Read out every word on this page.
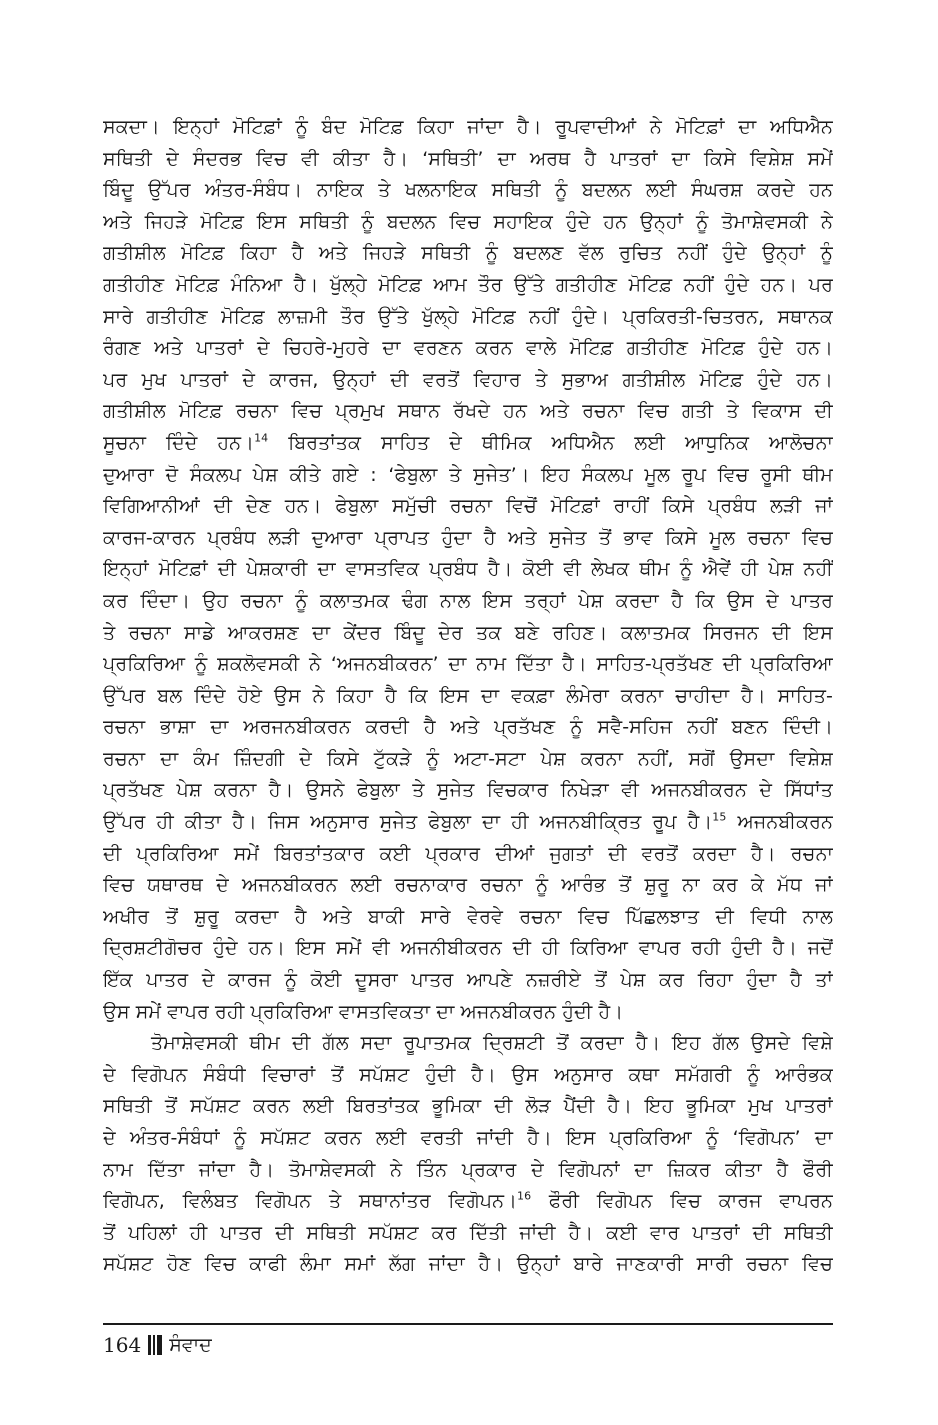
ਸਕਦਾ। ਇਨ੍ਹਾਂ ਮੋਟਿਫ਼ਾਂ ਨੂੰ ਬੰਦ ਮੋਟਿਫ਼ ਕਿਹਾ ਜਾਂਦਾ ਹੈ। ਰੂਪਵਾਦੀਆਂ ਨੇ ਮੋਟਿਫ਼ਾਂ ਦਾ ਅਧਿਐਨ
ਸਥਿਤੀ ਦੇ ਸੰਦਰਭ ਵਿਚ ਵੀ ਕੀਤਾ ਹੈ। ‘ਸਥਿਤੀ’ ਦਾ ਅਰਥ ਹੈ ਪਾਤਰਾਂ ਦਾ ਕਿਸੇ ਵਿਸ਼ੇਸ਼ ਸਮੇਂ
ਬਿੰਦੂ ਉੱਪਰ ਅੰਤਰ-ਸੰਬੰਧ। ਨਾਇਕ ਤੇ ਖਲਨਾਇਕ ਸਥਿਤੀ ਨੂੰ ਬਦਲਨ ਲਈ ਸੰਘਰਸ਼ ਕਰਦੇ ਹਨ
ਅਤੇ ਜਿਹੜੇ ਮੋਟਿਫ਼ ਇਸ ਸਥਿਤੀ ਨੂੰ ਬਦਲਨ ਵਿਚ ਸਹਾਇਕ ਹੁੰਦੇ ਹਨ ਉਨ੍ਹਾਂ ਨੂੰ ਤੋਮਾਸ਼ੇਵਸਕੀ ਨੇ
ਗਤੀਸ਼ੀਲ ਮੋਟਿਫ਼ ਕਿਹਾ ਹੈ ਅਤੇ ਜਿਹੜੇ ਸਥਿਤੀ ਨੂੰ ਬਦਲਣ ਵੱਲ ਰੁਚਿਤ ਨਹੀਂ ਹੁੰਦੇ ਉਨ੍ਹਾਂ ਨੂੰ
ਗਤੀਹੀਣ ਮੋਟਿਫ਼ ਮੰਨਿਆ ਹੈ। ਖੁੱਲ੍ਹੇ ਮੋਟਿਫ਼ ਆਮ ਤੌਰ ਉੱਤੇ ਗਤੀਹੀਣ ਮੋਟਿਫ਼ ਨਹੀਂ ਹੁੰਦੇ ਹਨ। ਪਰ
ਸਾਰੇ ਗਤੀਹੀਣ ਮੋਟਿਫ਼ ਲਾਜ਼ਮੀ ਤੌਰ ਉੱਤੇ ਖੁੱਲ੍ਹੇ ਮੋਟਿਫ਼ ਨਹੀਂ ਹੁੰਦੇ। ਪ੍ਰਕਿਰਤੀ-ਚਿਤਰਨ, ਸਥਾਨਕ
ਰੰਗਣ ਅਤੇ ਪਾਤਰਾਂ ਦੇ ਚਿਹਰੇ-ਮੁਹਰੇ ਦਾ ਵਰਣਨ ਕਰਨ ਵਾਲੇ ਮੋਟਿਫ਼ ਗਤੀਹੀਣ ਮੋਟਿਫ਼ ਹੁੰਦੇ ਹਨ।
ਪਰ ਮੁਖ ਪਾਤਰਾਂ ਦੇ ਕਾਰਜ, ਉਨ੍ਹਾਂ ਦੀ ਵਰਤੋਂ ਵਿਹਾਰ ਤੇ ਸੁਭਾਅ ਗਤੀਸ਼ੀਲ ਮੋਟਿਫ਼ ਹੁੰਦੇ ਹਨ।
ਗਤੀਸ਼ੀਲ ਮੋਟਿਫ਼ ਰਚਨਾ ਵਿਚ ਪ੍ਰਮੁਖ ਸਥਾਨ ਰੱਖਦੇ ਹਨ ਅਤੇ ਰਚਨਾ ਵਿਚ ਗਤੀ ਤੇ ਵਿਕਾਸ ਦੀ
ਸੂਚਨਾ ਦਿੰਦੇ ਹਨ।$^{14}$ ਬਿਰਤਾਂਤਕ ਸਾਹਿਤ ਦੇ ਥੀਮਿਕ ਅਧਿਐਨ ਲਈ ਆਧੁਨਿਕ ਆਲੋਚਨਾ
ਦੁਆਰਾ ਦੋ ਸੰਕਲਪ ਪੇਸ਼ ਕੀਤੇ ਗਏ : ‘ਫੇਬੁਲਾ ਤੇ ਸੁਜੇਤ’। ਇਹ ਸੰਕਲਪ ਮੂਲ ਰੂਪ ਵਿਚ ਰੂਸੀ ਥੀਮ
ਵਿਗਿਆਨੀਆਂ ਦੀ ਦੇਣ ਹਨ। ਫੇਬੁਲਾ ਸਮੁੱਚੀ ਰਚਨਾ ਵਿਚੋਂ ਮੋਟਿਫ਼ਾਂ ਰਾਹੀਂ ਕਿਸੇ ਪ੍ਰਬੰਧ ਲੜੀ ਜਾਂ
ਕਾਰਜ-ਕਾਰਨ ਪ੍ਰਬੰਧ ਲੜੀ ਦੁਆਰਾ ਪ੍ਰਾਪਤ ਹੁੰਦਾ ਹੈ ਅਤੇ ਸੁਜੇਤ ਤੋਂ ਭਾਵ ਕਿਸੇ ਮੂਲ ਰਚਨਾ ਵਿਚ
ਇਨ੍ਹਾਂ ਮੋਟਿਫ਼ਾਂ ਦੀ ਪੇਸ਼ਕਾਰੀ ਦਾ ਵਾਸਤਵਿਕ ਪ੍ਰਬੰਧ ਹੈ। ਕੋਈ ਵੀ ਲੇਖਕ ਥੀਮ ਨੂੰ ਐਵੇਂ ਹੀ ਪੇਸ਼ ਨਹੀਂ
ਕਰ ਦਿੰਦਾ। ਉਹ ਰਚਨਾ ਨੂੰ ਕਲਾਤਮਕ ਢੰਗ ਨਾਲ ਇਸ ਤਰ੍ਹਾਂ ਪੇਸ਼ ਕਰਦਾ ਹੈ ਕਿ ਉਸ ਦੇ ਪਾਤਰ
ਤੇ ਰਚਨਾ ਸਾਡੇ ਆਕਰਸ਼ਣ ਦਾ ਕੇਂਦਰ ਬਿੰਦੂ ਦੇਰ ਤਕ ਬਣੇ ਰਹਿਣ। ਕਲਾਤਮਕ ਸਿਰਜਨ ਦੀ ਇਸ
ਪ੍ਰਕਿਰਿਆ ਨੂੰ ਸ਼ਕਲੋਵਸਕੀ ਨੇ ‘ਅਜਨਬੀਕਰਨ’ ਦਾ ਨਾਮ ਦਿੱਤਾ ਹੈ। ਸਾਹਿਤ-ਪ੍ਰਤੱਖਣ ਦੀ ਪ੍ਰਕਿਰਿਆ
ਉੱਪਰ ਬਲ ਦਿੰਦੇ ਹੋਏ ਉਸ ਨੇ ਕਿਹਾ ਹੈ ਕਿ ਇਸ ਦਾ ਵਕਫ਼ਾ ਲੰਮੇਰਾ ਕਰਨਾ ਚਾਹੀਦਾ ਹੈ। ਸਾਹਿਤ-
ਰਚਨਾ ਭਾਸ਼ਾ ਦਾ ਅਰਜਨਬੀਕਰਨ ਕਰਦੀ ਹੈ ਅਤੇ ਪ੍ਰਤੱਖਣ ਨੂੰ ਸਵੈ-ਸਹਿਜ ਨਹੀਂ ਬਣਨ ਦਿੰਦੀ।
ਰਚਨਾ ਦਾ ਕੰਮ ਜ਼ਿੰਦਗੀ ਦੇ ਕਿਸੇ ਟੁੱਕੜੇ ਨੂੰ ਅਟਾ-ਸਟਾ ਪੇਸ਼ ਕਰਨਾ ਨਹੀਂ, ਸਗੋਂ ਉਸਦਾ ਵਿਸ਼ੇਸ਼
ਪ੍ਰਤੱਖਣ ਪੇਸ਼ ਕਰਨਾ ਹੈ। ਉਸਨੇ ਫੇਬੁਲਾ ਤੇ ਸੁਜੇਤ ਵਿਚਕਾਰ ਨਿਖੇੜਾ ਵੀ ਅਜਨਬੀਕਰਨ ਦੇ ਸਿੱਧਾਂਤ
ਉੱਪਰ ਹੀ ਕੀਤਾ ਹੈ। ਜਿਸ ਅਨੁਸਾਰ ਸੁਜੇਤ ਫੇਬੁਲਾ ਦਾ ਹੀ ਅਜਨਬੀਕ੍ਰਿਤ ਰੂਪ ਹੈ।$^{15}$ ਅਜਨਬੀਕਰਨ
ਦੀ ਪ੍ਰਕਿਰਿਆ ਸਮੇਂ ਬਿਰਤਾਂਤਕਾਰ ਕਈ ਪ੍ਰਕਾਰ ਦੀਆਂ ਜੁਗਤਾਂ ਦੀ ਵਰਤੋਂ ਕਰਦਾ ਹੈ। ਰਚਨਾ
ਵਿਚ ਯਥਾਰਥ ਦੇ ਅਜਨਬੀਕਰਨ ਲਈ ਰਚਨਾਕਾਰ ਰਚਨਾ ਨੂੰ ਆਰੰਭ ਤੋਂ ਸ਼ੁਰੂ ਨਾ ਕਰ ਕੇ ਮੱਧ ਜਾਂ
ਅਖੀਰ ਤੋਂ ਸ਼ੁਰੂ ਕਰਦਾ ਹੈ ਅਤੇ ਬਾਕੀ ਸਾਰੇ ਵੇਰਵੇ ਰਚਨਾ ਵਿਚ ਪਿੱਛਲਝਾਤ ਦੀ ਵਿਧੀ ਨਾਲ
ਦ੍ਰਿਸ਼ਟੀਗੋਚਰ ਹੁੰਦੇ ਹਨ। ਇਸ ਸਮੇਂ ਵੀ ਅਜਨੀਬੀਕਰਨ ਦੀ ਹੀ ਕਿਰਿਆ ਵਾਪਰ ਰਹੀ ਹੁੰਦੀ ਹੈ। ਜਦੋਂ
ਇੱਕ ਪਾਤਰ ਦੇ ਕਾਰਜ ਨੂੰ ਕੋਈ ਦੂਸਰਾ ਪਾਤਰ ਆਪਣੇ ਨਜ਼ਰੀਏ ਤੋਂ ਪੇਸ਼ ਕਰ ਰਿਹਾ ਹੁੰਦਾ ਹੈ ਤਾਂ
ਉਸ ਸਮੇਂ ਵਾਪਰ ਰਹੀ ਪ੍ਰਕਿਰਿਆ ਵਾਸਤਵਿਕਤਾ ਦਾ ਅਜਨਬੀਕਰਨ ਹੁੰਦੀ ਹੈ।

ਤੋਮਾਸ਼ੇਵਸਕੀ ਥੀਮ ਦੀ ਗੱਲ ਸਦਾ ਰੂਪਾਤਮਕ ਦ੍ਰਿਸ਼ਟੀ ਤੋਂ ਕਰਦਾ ਹੈ। ਇਹ ਗੱਲ ਉਸਦੇ ਵਿਸ਼ੇ
ਦੇ ਵਿਗੋਪਨ ਸੰਬੰਧੀ ਵਿਚਾਰਾਂ ਤੋਂ ਸਪੱਸ਼ਟ ਹੁੰਦੀ ਹੈ। ਉਸ ਅਨੁਸਾਰ ਕਥਾ ਸਮੱਗਰੀ ਨੂੰ ਆਰੰਭਕ
ਸਥਿਤੀ ਤੋਂ ਸਪੱਸ਼ਟ ਕਰਨ ਲਈ ਬਿਰਤਾਂਤਕ ਭੂਮਿਕਾ ਦੀ ਲੋੜ ਪੈਂਦੀ ਹੈ। ਇਹ ਭੂਮਿਕਾ ਮੁਖ ਪਾਤਰਾਂ
ਦੇ ਅੰਤਰ-ਸੰਬੰਧਾਂ ਨੂੰ ਸਪੱਸ਼ਟ ਕਰਨ ਲਈ ਵਰਤੀ ਜਾਂਦੀ ਹੈ। ਇਸ ਪ੍ਰਕਿਰਿਆ ਨੂੰ ‘ਵਿਗੋਪਨ’ ਦਾ
ਨਾਮ ਦਿੱਤਾ ਜਾਂਦਾ ਹੈ। ਤੋਮਾਸ਼ੇਵਸਕੀ ਨੇ ਤਿੰਨ ਪ੍ਰਕਾਰ ਦੇ ਵਿਗੋਪਨਾਂ ਦਾ ਜ਼ਿਕਰ ਕੀਤਾ ਹੈ ਫੌਰੀ
ਵਿਗੋਪਨ, ਵਿਲੰਬਤ ਵਿਗੋਪਨ ਤੇ ਸਥਾਨਾਂਤਰ ਵਿਗੋਪਨ।$^{16}$ ਫੌਰੀ ਵਿਗੋਪਨ ਵਿਚ ਕਾਰਜ ਵਾਪਰਨ
ਤੋਂ ਪਹਿਲਾਂ ਹੀ ਪਾਤਰ ਦੀ ਸਥਿਤੀ ਸਪੱਸ਼ਟ ਕਰ ਦਿੱਤੀ ਜਾਂਦੀ ਹੈ। ਕਈ ਵਾਰ ਪਾਤਰਾਂ ਦੀ ਸਥਿਤੀ
ਸਪੱਸ਼ਟ ਹੋਣ ਵਿਚ ਕਾਫੀ ਲੰਮਾ ਸਮਾਂ ਲੱਗ ਜਾਂਦਾ ਹੈ। ਉਨ੍ਹਾਂ ਬਾਰੇ ਜਾਣਕਾਰੀ ਸਾਰੀ ਰਚਨਾ ਵਿਚ

164 ਸੰਵਾਦ
